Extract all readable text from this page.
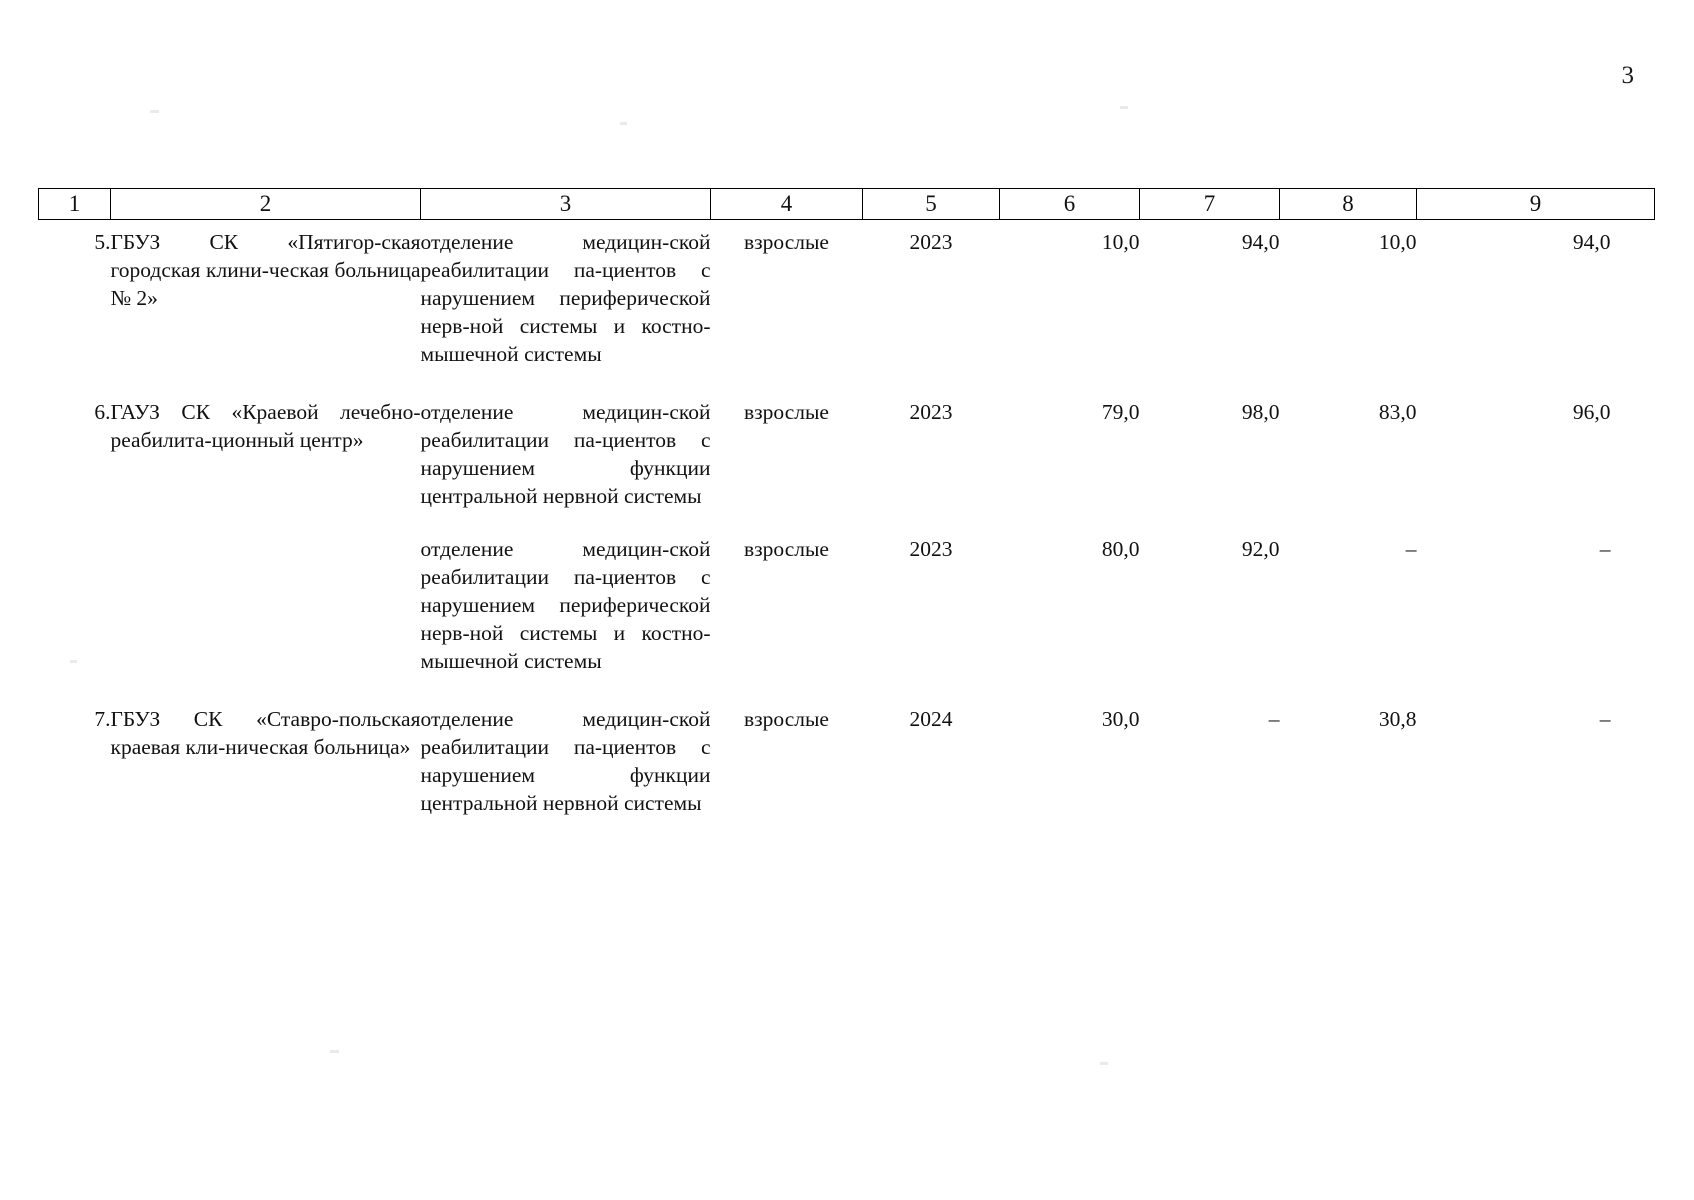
3
1	2	3	4	5	6	7	8	9
5.	ГБУЗ СК «Пятигор‐ская городская клини‐ческая больница № 2»	отделение медицин‐ской реабилитации па‐циентов с нарушением периферической нерв‐ной системы и костно‐мышечной системы	взрослые	2023	10,0	94,0	10,0	94,0

6.	ГАУЗ СК «Краевой лечебно‐реабилита‐ционный центр»	отделение медицин‐ской реабилитации па‐циентов с нарушением функции центральной нервной системы	взрослые	2023	79,0	98,0	83,0	96,0

		отделение медицин‐ской реабилитации па‐циентов с нарушением периферической нерв‐ной системы и костно‐мышечной системы	взрослые	2023	80,0	92,0	–	–

7.	ГБУЗ СК «Ставро‐польская краевая кли‐ническая больница»	отделение медицин‐ской реабилитации па‐циентов с нарушением функции центральной нервной системы	взрослые	2024	30,0	–	30,8	–
